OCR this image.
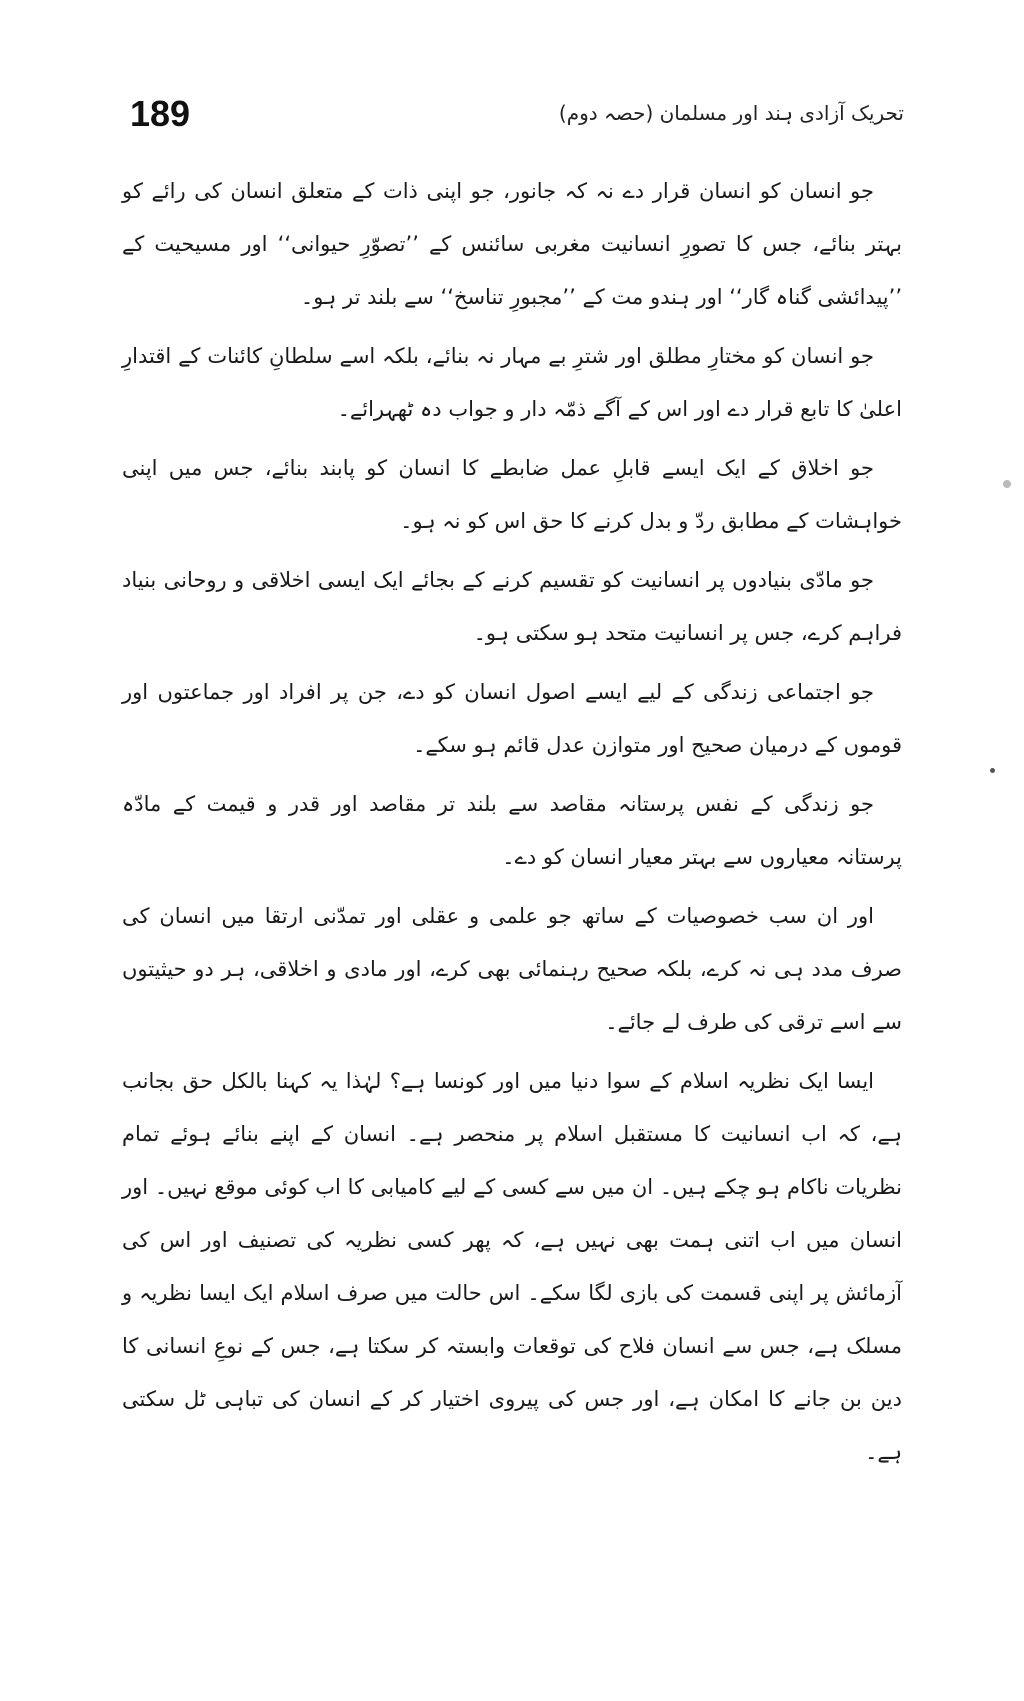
189	تحریک آزادی ہند اور مسلمان (حصہ دوم)

جو انسان کو انسان قرار دے نہ کہ جانور، جو اپنی ذات کے متعلق انسان کی رائے کو بہتر بنائے، جس کا تصورِ انسانیت مغربی سائنس کے ’’تصوّرِ حیوانی‘‘ اور مسیحیت کے ’’پیدائشی گناہ گار‘‘ اور ہندو مت کے ’’مجبورِ تناسخ‘‘ سے بلند تر ہو۔

جو انسان کو مختارِ مطلق اور شترِ بے مہار نہ بنائے، بلکہ اسے سلطانِ کائنات کے اقتدارِ اعلیٰ کا تابع قرار دے اور اس کے آگے ذمّہ دار و جواب دہ ٹھہرائے۔

جو اخلاق کے ایک ایسے قابلِ عمل ضابطے کا انسان کو پابند بنائے، جس میں اپنی خواہشات کے مطابق ردّ و بدل کرنے کا حق اس کو نہ ہو۔

جو مادّی بنیادوں پر انسانیت کو تقسیم کرنے کے بجائے ایک ایسی اخلاقی و روحانی بنیاد فراہم کرے، جس پر انسانیت متحد ہو سکتی ہو۔

جو اجتماعی زندگی کے لیے ایسے اصول انسان کو دے، جن پر افراد اور جماعتوں اور قوموں کے درمیان صحیح اور متوازن عدل قائم ہو سکے۔

جو زندگی کے نفس پرستانہ مقاصد سے بلند تر مقاصد اور قدر و قیمت کے مادّہ پرستانہ معیاروں سے بہتر معیار انسان کو دے۔

اور ان سب خصوصیات کے ساتھ جو علمی و عقلی اور تمدّنی ارتقا میں انسان کی صرف مدد ہی نہ کرے، بلکہ صحیح رہنمائی بھی کرے، اور مادی و اخلاقی، ہر دو حیثیتوں سے اسے ترقی کی طرف لے جائے۔

ایسا ایک نظریہ اسلام کے سوا دنیا میں اور کونسا ہے؟ لہٰذا یہ کہنا بالکل حق بجانب ہے، کہ اب انسانیت کا مستقبل اسلام پر منحصر ہے۔ انسان کے اپنے بنائے ہوئے تمام نظریات ناکام ہو چکے ہیں۔ ان میں سے کسی کے لیے کامیابی کا اب کوئی موقع نہیں۔ اور انسان میں اب اتنی ہمت بھی نہیں ہے، کہ پھر کسی نظریہ کی تصنیف اور اس کی آزمائش پر اپنی قسمت کی بازی لگا سکے۔ اس حالت میں صرف اسلام ایک ایسا نظریہ و مسلک ہے، جس سے انسان فلاح کی توقعات وابستہ کر سکتا ہے، جس کے نوعِ انسانی کا دین بن جانے کا امکان ہے، اور جس کی پیروی اختیار کر کے انسان کی تباہی ٹل سکتی ہے۔
